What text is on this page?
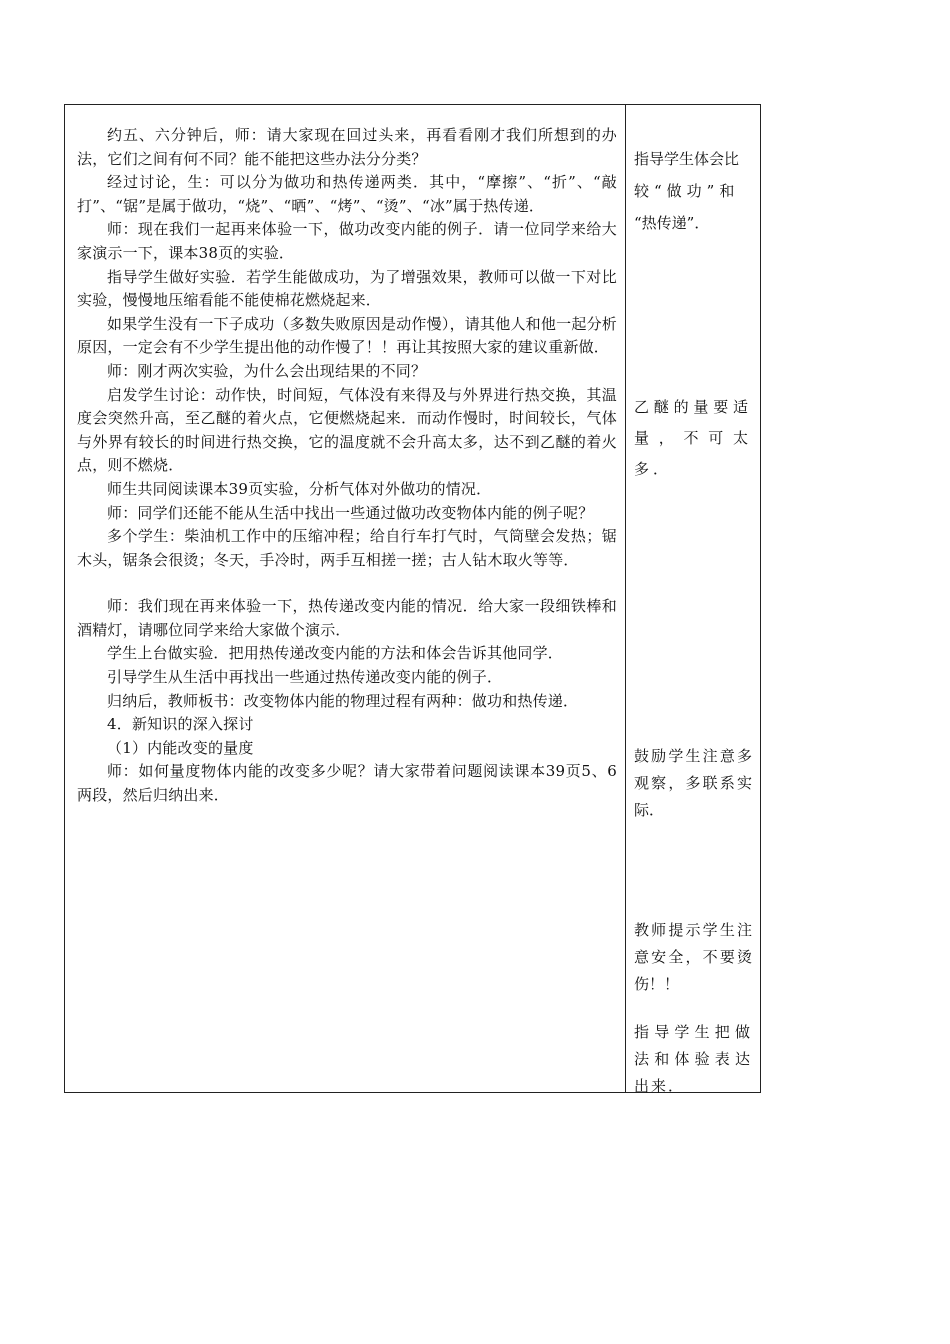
约五、六分钟后，师：请大家现在回过头来，再看看刚才我们所想到的办法，它们之间有何不同？能不能把这些办法分分类？

经过讨论，生：可以分为做功和热传递两类．其中，“摩擦”、“折”、“敲打”、“锯”是属于做功，“烧”、“晒”、“烤”、“烫”、“冰”属于热传递．

师：现在我们一起再来体验一下，做功改变内能的例子．请一位同学来给大家演示一下，课本38页的实验．

指导学生做好实验．若学生能做成功，为了增强效果，教师可以做一下对比实验，慢慢地压缩看能不能使棉花燃烧起来．

如果学生没有一下子成功（多数失败原因是动作慢），请其他人和他一起分析原因，一定会有不少学生提出他的动作慢了！！再让其按照大家的建议重新做．

师：刚才两次实验，为什么会出现结果的不同？

启发学生讨论：动作快，时间短，气体没有来得及与外界进行热交换，其温度会突然升高，至乙醚的着火点，它便燃烧起来．而动作慢时，时间较长，气体与外界有较长的时间进行热交换，它的温度就不会升高太多，达不到乙醚的着火点，则不燃烧．

师生共同阅读课本39页实验，分析气体对外做功的情况．

师：同学们还能不能从生活中找出一些通过做功改变物体内能的例子呢？

多个学生：柴油机工作中的压缩冲程；给自行车打气时，气筒壁会发热；锯木头，锯条会很烫；冬天，手冷时，两手互相搓一搓；古人钻木取火等等．

师：我们现在再来体验一下，热传递改变内能的情况．给大家一段细铁棒和酒精灯，请哪位同学来给大家做个演示．

学生上台做实验．把用热传递改变内能的方法和体会告诉其他同学．

引导学生从生活中再找出一些通过热传递改变内能的例子．

归纳后，教师板书：改变物体内能的物理过程有两种：做功和热传递．

4．新知识的深入探讨

（1）内能改变的量度

师：如何量度物体内能的改变多少呢？请大家带着问题阅读课本39页5、6两段，然后归纳出来．

指导学生体会比
较“做功”和
“热传递”．

乙醚的量要适量，不可太多．

鼓励学生注意多观察，多联系实际．

教师提示学生注意安全，不要烫伤！！

指导学生把做法和体验表达出来．
